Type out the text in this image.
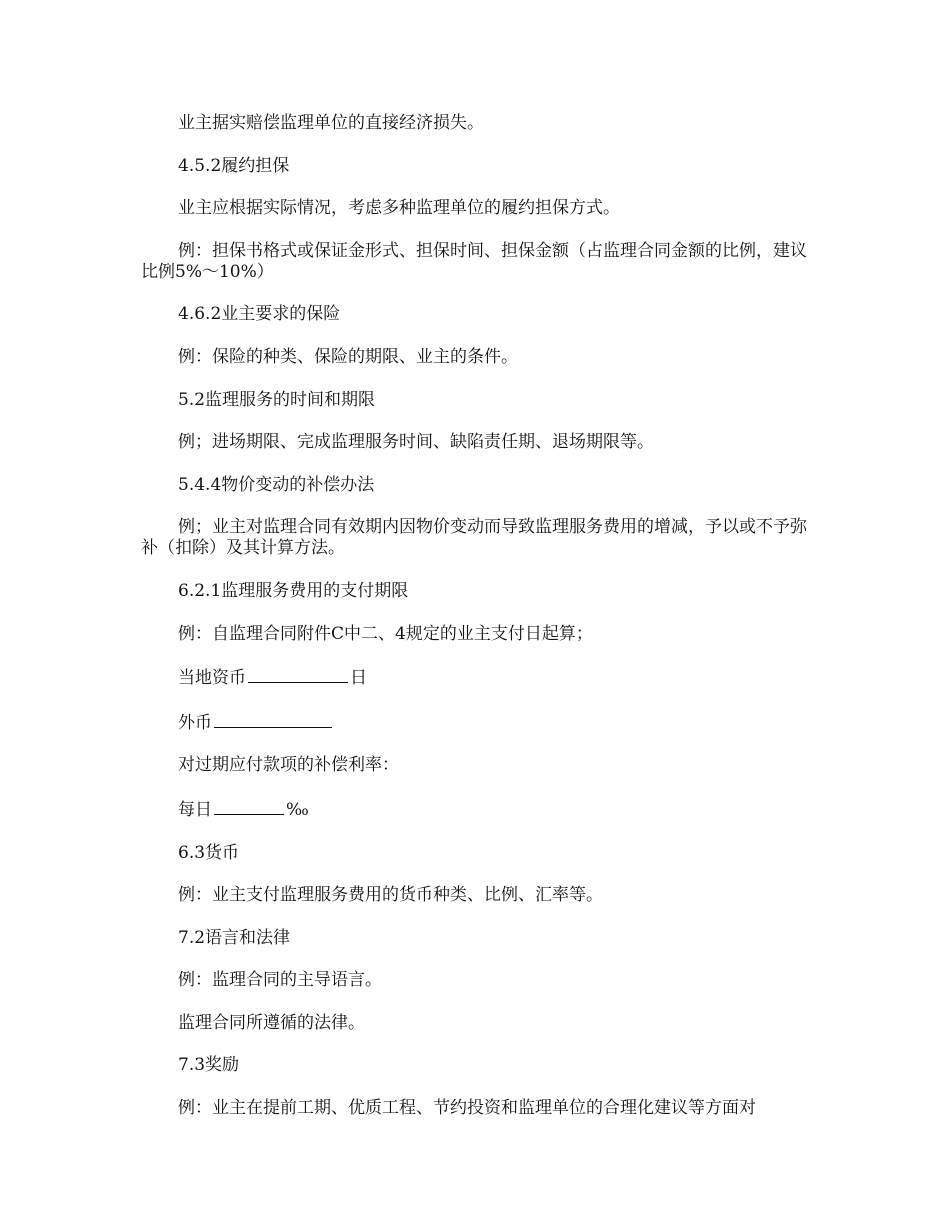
业主据实赔偿监理单位的直接经济损失。

4.5.2履约担保

业主应根据实际情况，考虑多种监理单位的履约担保方式。

例：担保书格式或保证金形式、担保时间、担保金额（占监理合同金额的比例，建议比例5%～10%）

4.6.2业主要求的保险

例：保险的种类、保险的期限、业主的条件。

5.2监理服务的时间和期限

例；进场期限、完成监理服务时间、缺陷责任期、退场期限等。

5.4.4物价变动的补偿办法

例；业主对监理合同有效期内因物价变动而导致监理服务费用的增减，予以或不予弥补（扣除）及其计算方法。

6.2.1监理服务费用的支付期限

例：自监理合同附件C中二、4规定的业主支付日起算；

当地资币	日

外币

对过期应付款项的补偿利率：

每日	‰

6.3货币

例：业主支付监理服务费用的货币种类、比例、汇率等。

7.2语言和法律

例：监理合同的主导语言。

监理合同所遵循的法律。

7.3奖励

例：业主在提前工期、优质工程、节约投资和监理单位的合理化建议等方面对
